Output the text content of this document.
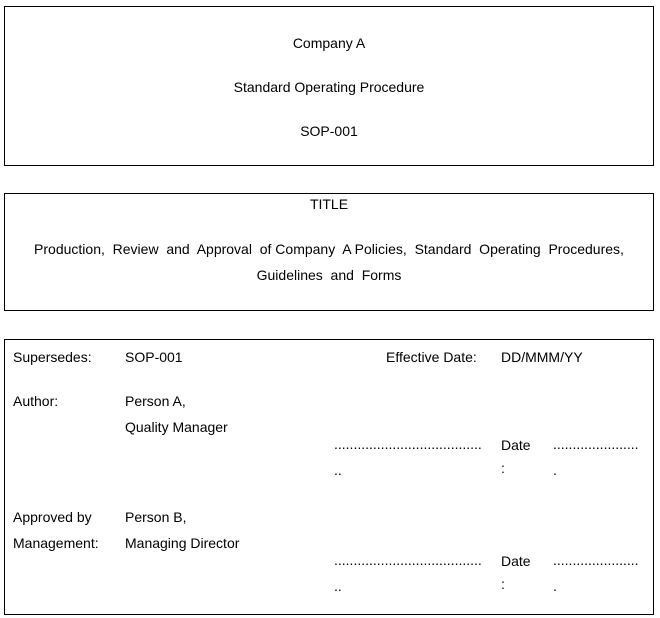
Company A
Standard Operating Procedure
SOP-001
TITLE
Production,  Review  and  Approval  of Company  A Policies,  Standard  Operating  Procedures,
Guidelines  and  Forms
Supersedes: SOP-001	Effective Date: DD/MMM/YY
Author:	Person A,
Quality Manager
......................................
..
Date
:
......................
.
Approved by
Management:
Person B,
Managing Director
......................................
..
Date
:
......................
.
